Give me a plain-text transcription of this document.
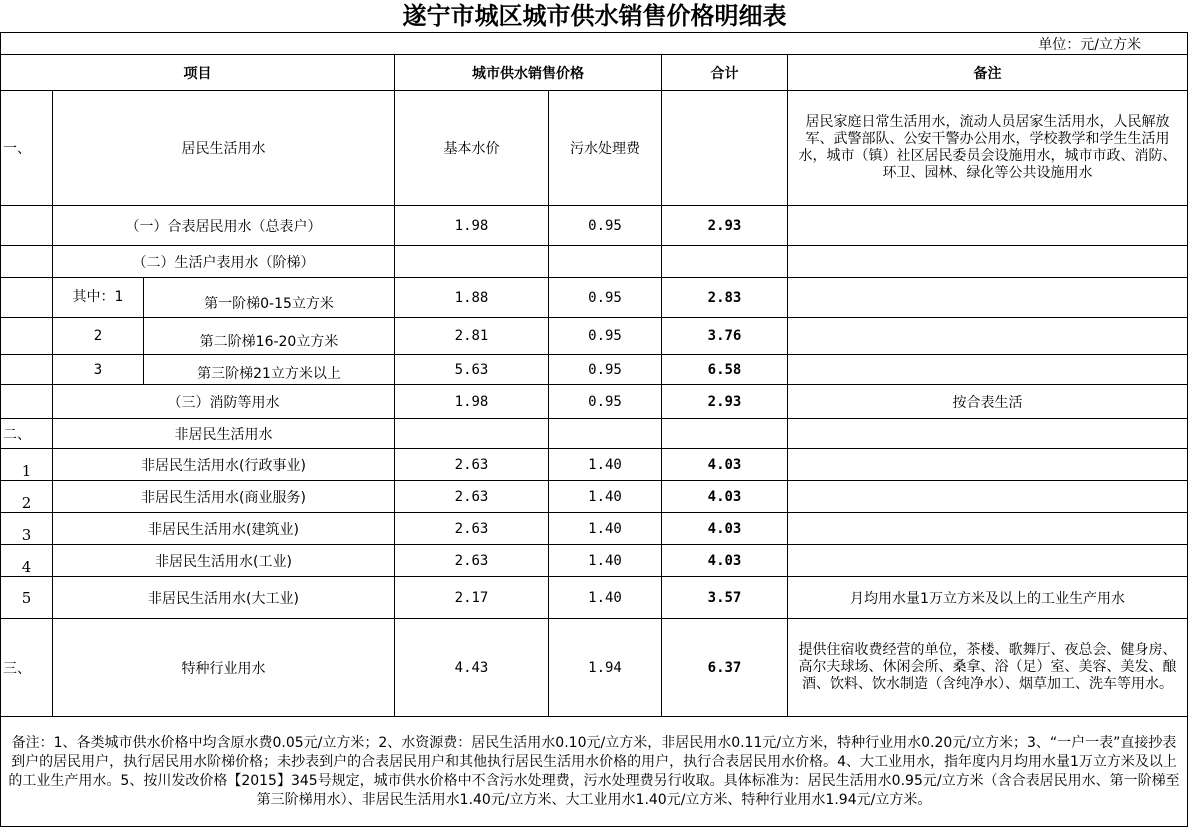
遂宁市城区城市供水销售价格明细表
单位：元/立方米						
项目			城市供水销售价格		合计	备注
一、	居民生活用水		基本水价	污水处理费		居民家庭日常生活用水，流动人员居家生活用水，人民解放军、武警部队、公安干警办公用水，学校教学和学生生活用水，城市（镇）社区居民委员会设施用水，城市市政、消防、环卫、园林、绿化等公共设施用水
	（一）合表居民用水（总表户）		1.98	0.95	2.93	
	（二）生活户表用水（阶梯）					
	其中：1	第一阶梯0-15立方米	1.88	0.95	2.83	
	2	第二阶梯16-20立方米	2.81	0.95	3.76	
	3	第三阶梯21立方米以上	5.63	0.95	6.58	
	（三）消防等用水		1.98	0.95	2.93	按合表生活
二、	非居民生活用水					
1	非居民生活用水(行政事业)		2.63	1.40	4.03	
2	非居民生活用水(商业服务)		2.63	1.40	4.03	
3	非居民生活用水(建筑业)		2.63	1.40	4.03	
4	非居民生活用水(工业)		2.63	1.40	4.03	
5	非居民生活用水(大工业)		2.17	1.40	3.57	月均用水量1万立方米及以上的工业生产用水
三、	特种行业用水		4.43	1.94	6.37	提供住宿收费经营的单位，茶楼、歌舞厅、夜总会、健身房、高尔夫球场、休闲会所、桑拿、浴（足）室、美容、美发、酿酒、饮料、饮水制造（含纯净水）、烟草加工、洗车等用水。
备注：1、各类城市供水价格中均含原水费0.05元/立方米；2、水资源费：居民生活用水0.10元/立方米，非居民用水0.11元/立方米，特种行业用水0.20元/立方米；3、“一户一表”直接抄表到户的居民用户，执行居民用水阶梯价格；未抄表到户的合表居民用户和其他执行居民生活用水价格的用户，执行合表居民用水价格。4、大工业用水，指年度内月均用水量1万立方米及以上的工业生产用水。5、按川发改价格【2015】345号规定，城市供水价格中不含污水处理费，污水处理费另行收取。具体标准为：居民生活用水0.95元/立方米（含合表居民用水、第一阶梯至第三阶梯用水）、非居民生活用水1.40元/立方米、大工业用水1.40元/立方米、特种行业用水1.94元/立方米。						
